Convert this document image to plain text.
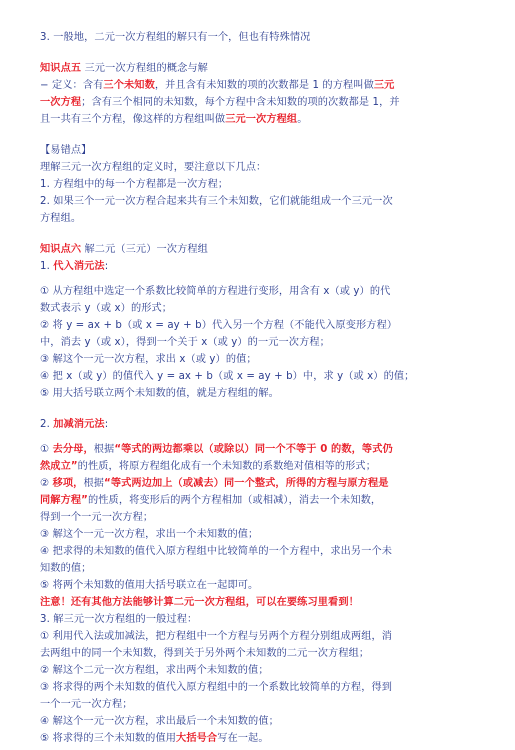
3. 一般地，二元一次方程组的解只有一个，但也有特殊情况
知识点五 三元一次方程组的概念与解
− 定义：含有三个未知数，并且含有未知数的项的次数都是 1 的方程叫做三元
一次方程；含有三个相同的未知数，每个方程中含未知数的项的次数都是 1，并
且一共有三个方程，像这样的方程组叫做三元一次方程组。
【易错点】
理解三元一次方程组的定义时，要注意以下几点：
1. 方程组中的每一个方程都是一次方程；
2. 如果三个一元一次方程合起来共有三个未知数，它们就能组成一个三元一次
方程组。
知识点六 解二元（三元）一次方程组
1. 代入消元法:
① 从方程组中选定一个系数比较简单的方程进行变形，用含有 x（或 y）的代
数式表示 y（或 x）的形式；
② 将 y = ax + b（或 x = ay + b）代入另一个方程（不能代入原变形方程）
中，消去 y（或 x），得到一个关于 x（或 y）的一元一次方程；
③ 解这个一元一次方程，求出 x（或 y）的值；
④ 把 x（或 y）的值代入 y = ax + b（或 x = ay + b）中，求 y（或 x）的值；
⑤ 用大括号联立两个未知数的值，就是方程组的解。
2. 加减消元法:
① 去分母，根据“等式的两边都乘以（或除以）同一个不等于 0 的数，等式仍
然成立”的性质，将原方程组化成有一个未知数的系数绝对值相等的形式；
② 移项，根据“等式两边加上（或减去）同一个整式，所得的方程与原方程是
同解方程”的性质，将变形后的两个方程相加（或相减），消去一个未知数，
得到一个一元一次方程；
③ 解这个一元一次方程，求出一个未知数的值；
④ 把求得的未知数的值代入原方程组中比较简单的一个方程中，求出另一个未
知数的值；
⑤ 将两个未知数的值用大括号联立在一起即可。
注意！还有其他方法能够计算二元一次方程组，可以在要练习里看到！
3. 解三元一次方程组的一般过程：
① 利用代入法或加减法，把方程组中一个方程与另两个方程分别组成两组，消
去两组中的同一个未知数，得到关于另外两个未知数的二元一次方程组；
② 解这个二元一次方程组，求出两个未知数的值；
③ 将求得的两个未知数的值代入原方程组中的一个系数比较简单的方程，得到
一个一元一次方程；
④ 解这个一元一次方程，求出最后一个未知数的值；
⑤ 将求得的三个未知数的值用大括号合写在一起。
